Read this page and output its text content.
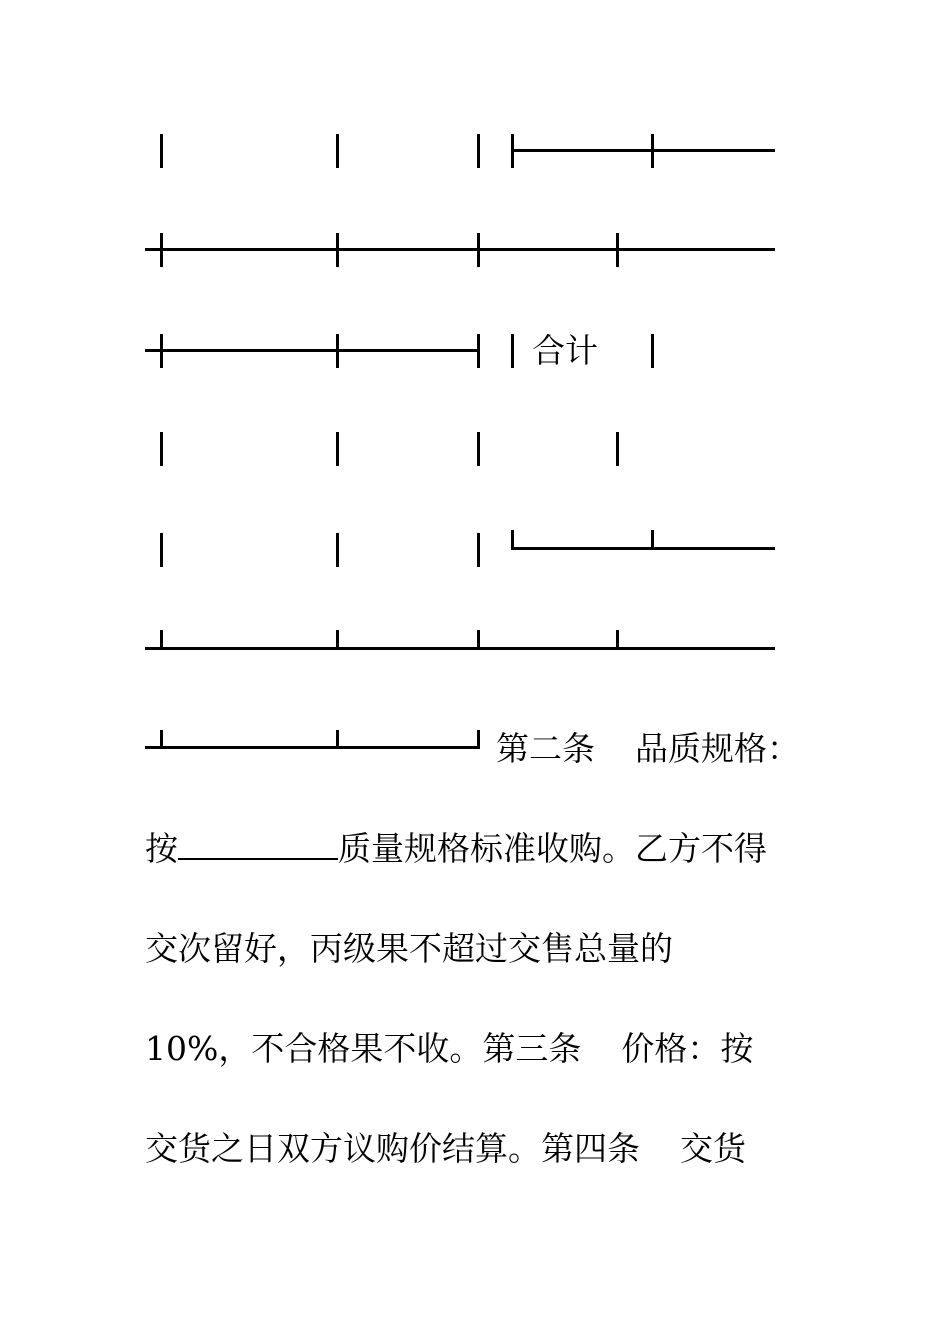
合计
第二条 品质规格：
按	质量规格标准收购。乙方不得
交次留好，丙级果不超过交售总量的
10%，不合格果不收。第三条 价格：按
交货之日双方议购价结算。第四条 交货
